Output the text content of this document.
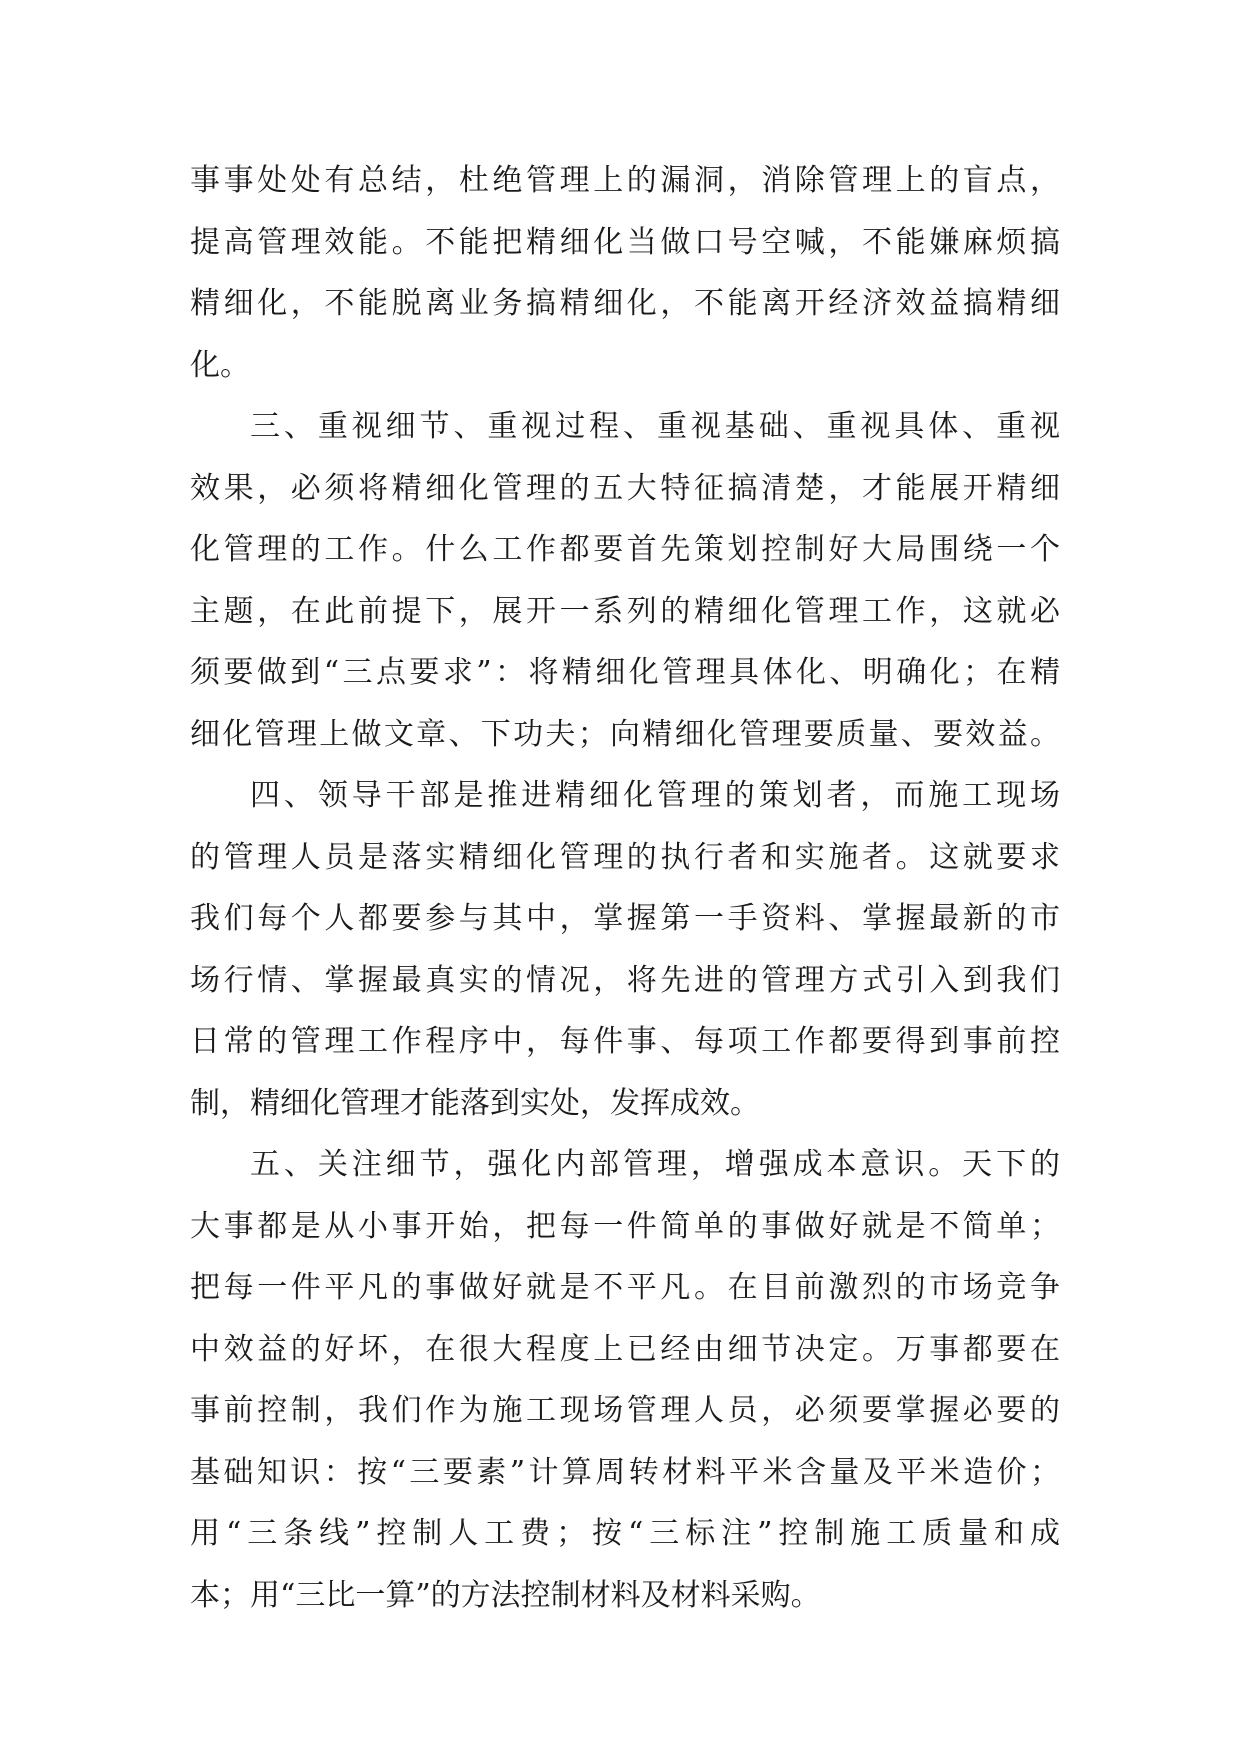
事事处处有总结，杜绝管理上的漏洞，消除管理上的盲点，
提高管理效能。不能把精细化当做口号空喊，不能嫌麻烦搞
精细化，不能脱离业务搞精细化，不能离开经济效益搞精细
化。
三、重视细节、重视过程、重视基础、重视具体、重视
效果，必须将精细化管理的五大特征搞清楚，才能展开精细
化管理的工作。什么工作都要首先策划控制好大局围绕一个
主题，在此前提下，展开一系列的精细化管理工作，这就必
须要做到“三点要求”：将精细化管理具体化、明确化；在精
细化管理上做文章、下功夫；向精细化管理要质量、要效益。
四、领导干部是推进精细化管理的策划者，而施工现场
的管理人员是落实精细化管理的执行者和实施者。这就要求
我们每个人都要参与其中，掌握第一手资料、掌握最新的市
场行情、掌握最真实的情况，将先进的管理方式引入到我们
日常的管理工作程序中，每件事、每项工作都要得到事前控
制，精细化管理才能落到实处，发挥成效。
五、关注细节，强化内部管理，增强成本意识。天下的
大事都是从小事开始，把每一件简单的事做好就是不简单；
把每一件平凡的事做好就是不平凡。在目前激烈的市场竞争
中效益的好坏，在很大程度上已经由细节决定。万事都要在
事前控制，我们作为施工现场管理人员，必须要掌握必要的
基础知识：按“三要素”计算周转材料平米含量及平米造价；
用“三条线”控制人工费；按“三标注”控制施工质量和成
本；用“三比一算”的方法控制材料及材料采购。
